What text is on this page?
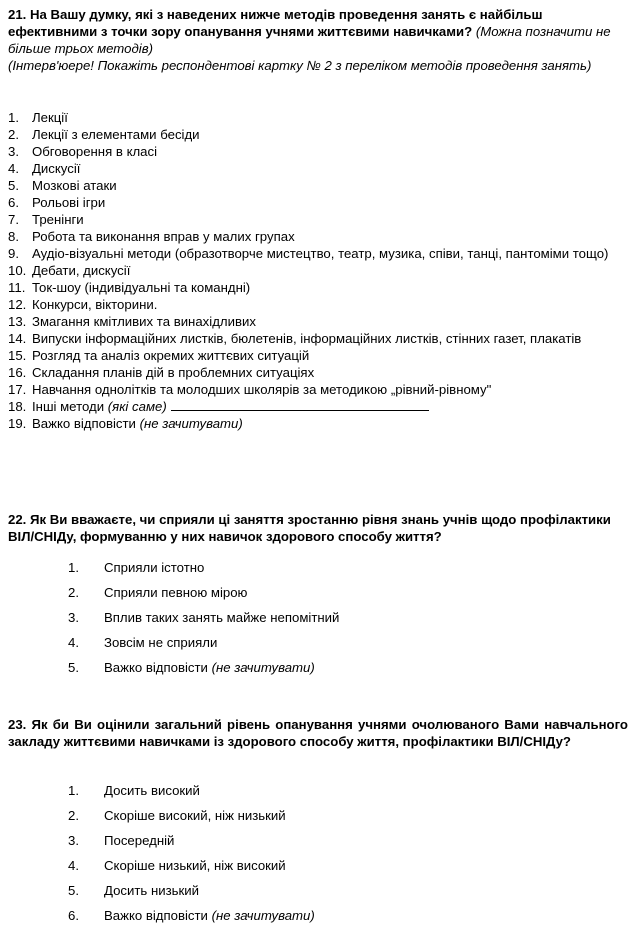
21. На Вашу думку, які з наведених нижче методів проведення занять є найбільш ефективними з точки зору опанування учнями життєвими навичками? (Можна позначити не більше трьох методів)
(Інтерв'юере! Покажіть респондентові картку № 2 з переліком методів проведення занять)
1. Лекції
2. Лекції з елементами бесіди
3. Обговорення в класі
4. Дискусії
5. Мозкові атаки
6. Рольові ігри
7. Тренінги
8. Робота та виконання вправ у малих групах
9. Аудіо-візуальні методи (образотворче мистецтво, театр, музика, співи, танці, пантоміми тощо)
10. Дебати, дискусії
11. Ток-шоу (індивідуальні та командні)
12. Конкурси, вікторини.
13. Змагання кмітливих та винахідливих
14. Випуски інформаційних листків, бюлетенів, інформаційних листків, стінних газет, плакатів
15. Розгляд та аналіз окремих життєвих ситуацій
16. Складання планів дій в проблемних ситуаціях
17. Навчання однолітків та молодших школярів за методикою „рівний-рівному"
18. Інші методи (які саме)
19. Важко відповісти (не зачитувати)
22. Як Ви вважаєте, чи сприяли ці заняття зростанню рівня знань учнів щодо профілактики ВІЛ/СНІДу, формуванню у них навичок здорового способу життя?
1.	Сприяли істотно
2.	Сприяли певною мірою
3.	Вплив таких занять майже непомітний
4.	Зовсім не сприяли
5.	Важко відповісти (не зачитувати)
23. Як би Ви оцінили загальний рівень опанування учнями очолюваного Вами навчального закладу життєвими навичками із здорового способу життя, профілактики ВІЛ/СНІДу?
1.	Досить високий
2.	Скоріше високий, ніж низький
3.	Посередній
4.	Скоріше низький, ніж високий
5.	Досить низький
6.	Важко відповісти (не зачитувати)
